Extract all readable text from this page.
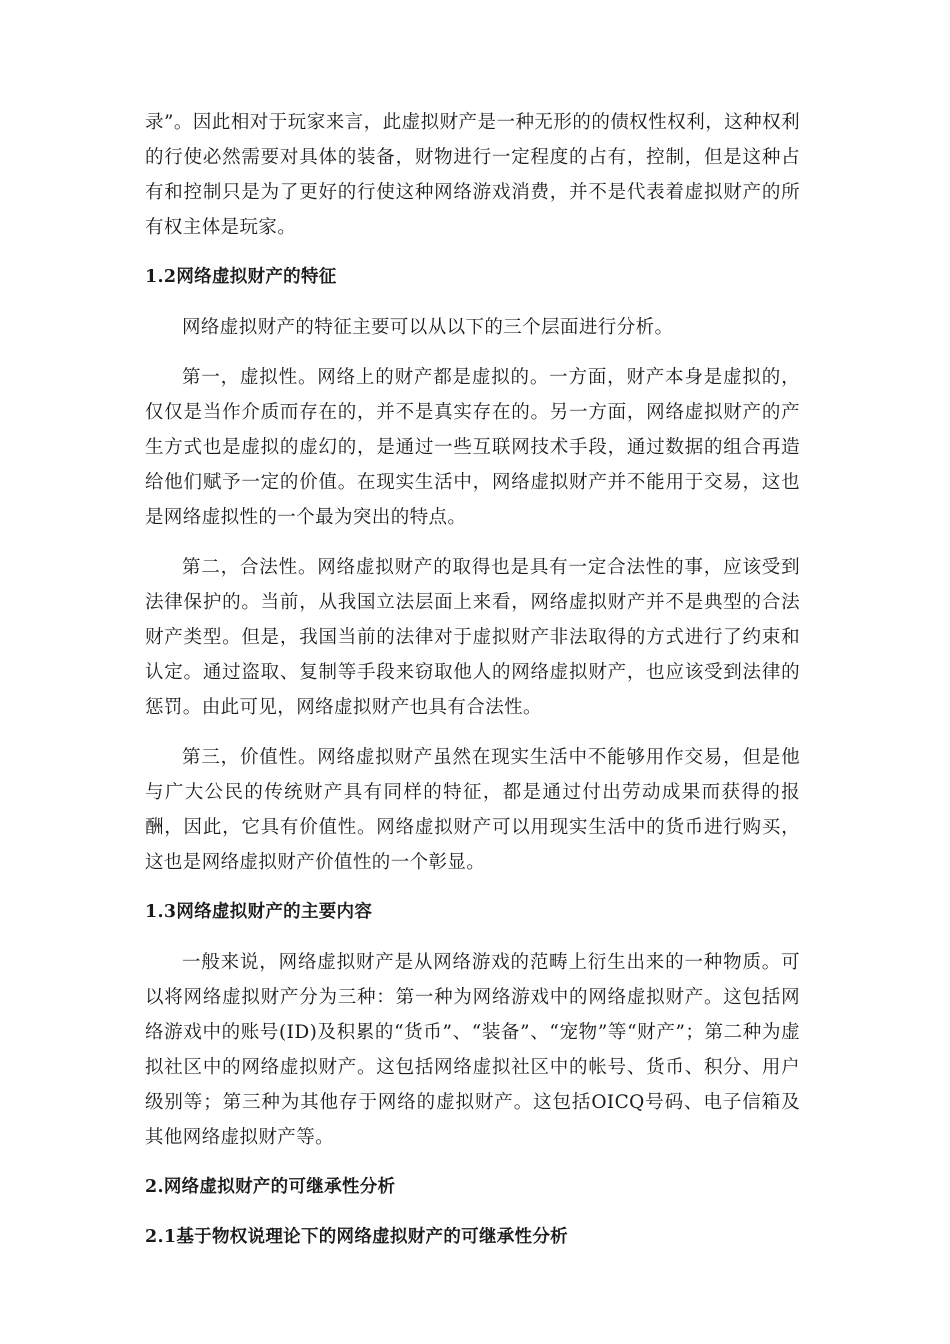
录”。因此相对于玩家来言，此虚拟财产是一种无形的的债权性权利，这种权利的行使必然需要对具体的装备，财物进行一定程度的占有，控制，但是这种占有和控制只是为了更好的行使这种网络游戏消费，并不是代表着虚拟财产的所有权主体是玩家。

1.2网络虚拟财产的特征

网络虚拟财产的特征主要可以从以下的三个层面进行分析。

第一，虚拟性。网络上的财产都是虚拟的。一方面，财产本身是虚拟的，仅仅是当作介质而存在的，并不是真实存在的。另一方面，网络虚拟财产的产生方式也是虚拟的虚幻的，是通过一些互联网技术手段，通过数据的组合再造给他们赋予一定的价值。在现实生活中，网络虚拟财产并不能用于交易，这也是网络虚拟性的一个最为突出的特点。

第二，合法性。网络虚拟财产的取得也是具有一定合法性的事，应该受到法律保护的。当前，从我国立法层面上来看，网络虚拟财产并不是典型的合法财产类型。但是，我国当前的法律对于虚拟财产非法取得的方式进行了约束和认定。通过盗取、复制等手段来窃取他人的网络虚拟财产，也应该受到法律的惩罚。由此可见，网络虚拟财产也具有合法性。

第三，价值性。网络虚拟财产虽然在现实生活中不能够用作交易，但是他与广大公民的传统财产具有同样的特征，都是通过付出劳动成果而获得的报酬，因此，它具有价值性。网络虚拟财产可以用现实生活中的货币进行购买，这也是网络虚拟财产价值性的一个彰显。

1.3网络虚拟财产的主要内容

一般来说，网络虚拟财产是从网络游戏的范畴上衍生出来的一种物质。可以将网络虚拟财产分为三种：第一种为网络游戏中的网络虚拟财产。这包括网络游戏中的账号(ID)及积累的“货币”、“装备”、“宠物”等“财产”；第二种为虚拟社区中的网络虚拟财产。这包括网络虚拟社区中的帐号、货币、积分、用户级别等；第三种为其他存于网络的虚拟财产。这包括OICQ号码、电子信箱及其他网络虚拟财产等。

2.网络虚拟财产的可继承性分析
2.1基于物权说理论下的网络虚拟财产的可继承性分析
